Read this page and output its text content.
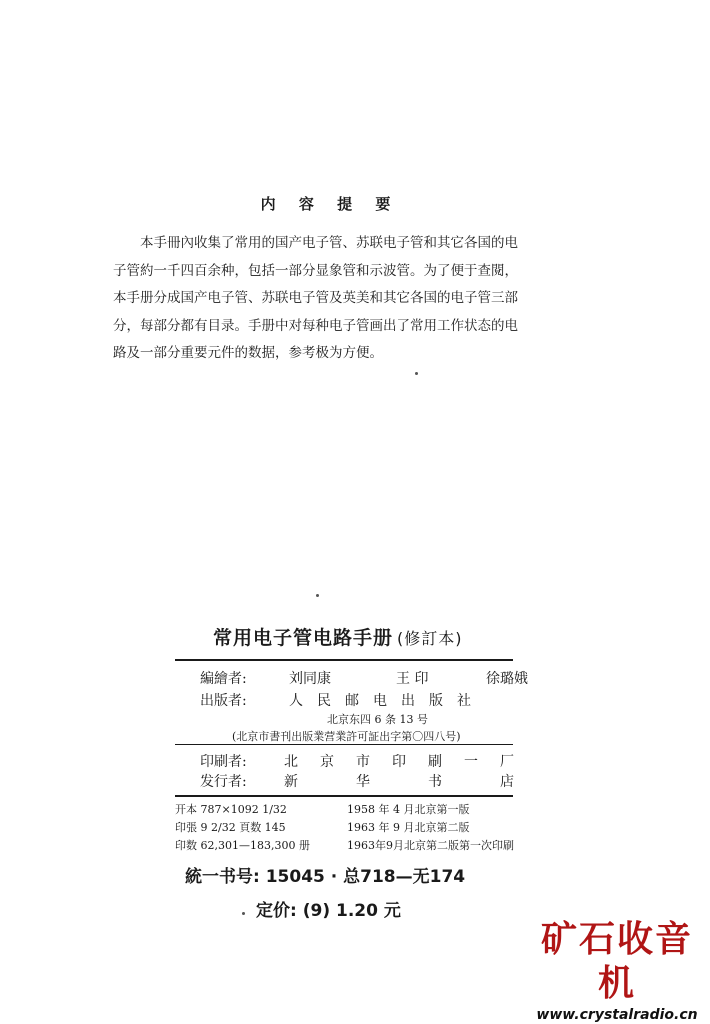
内 容 提 要
本手冊內收集了常用的国产电子管、苏联电子管和其它各国的电
子管約一千四百余种，包括一部分显象管和示波管。为了便于查閱，
本手册分成国产电子管、苏联电子管及英美和其它各国的电子管三部
分，每部分都有目录。手册中对每种电子管画出了常用工作状态的电
路及一部分重要元件的数据，参考极为方便。
常用电子管电路手册 (修訂本)
編繪者:	刘同康	王 印	徐璐娥
出版者:	人	民	邮	电	出	版	社
北京东四 6 条 13 号
(北京市書刊出版業营業許可証出字第〇四八号)
印刷者:	北	京	市	印	刷	一	厂
发行者:	新	华	书	店
开本 787×1092 1/32	1958 年 4 月北京第一版
印張 9 2/32 頁数 145	1963 年 9 月北京第二版
印数 62,301—183,300 册	1963年9月北京第二版第一次印刷
統一书号: 15045 · 总718—无174
定价: (9) 1.20 元
矿石收音机
www.crystalradio.cn
